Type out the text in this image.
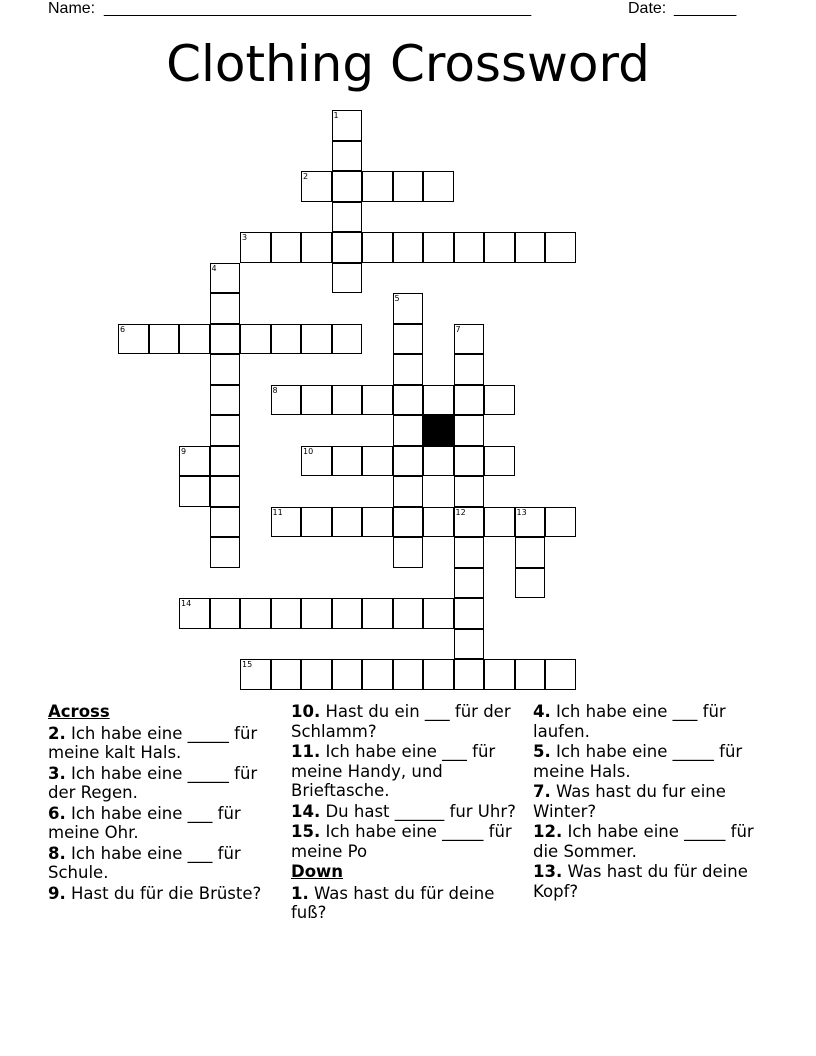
Name: ________________________________________________	Date: _______
Clothing Crossword
1
2
3
4
5
6	7
8
9	10
11	12	13
14
15
Across
2. Ich habe eine _____ für meine kalt Hals.
3. Ich habe eine _____ für der Regen.
6. Ich habe eine ___ für meine Ohr.
8. Ich habe eine ___ für Schule.
9. Hast du für die Brüste?
10. Hast du ein ___ für der Schlamm?
11. Ich habe eine ___ für meine Handy, und Brieftasche.
14. Du hast ______ fur Uhr?
15. Ich habe eine _____ für meine Po
Down
1. Was hast du für deine fuß?
4. Ich habe eine ___ für laufen.
5. Ich habe eine _____ für meine Hals.
7. Was hast du fur eine Winter?
12. Ich habe eine _____ für die Sommer.
13. Was hast du für deine Kopf?
